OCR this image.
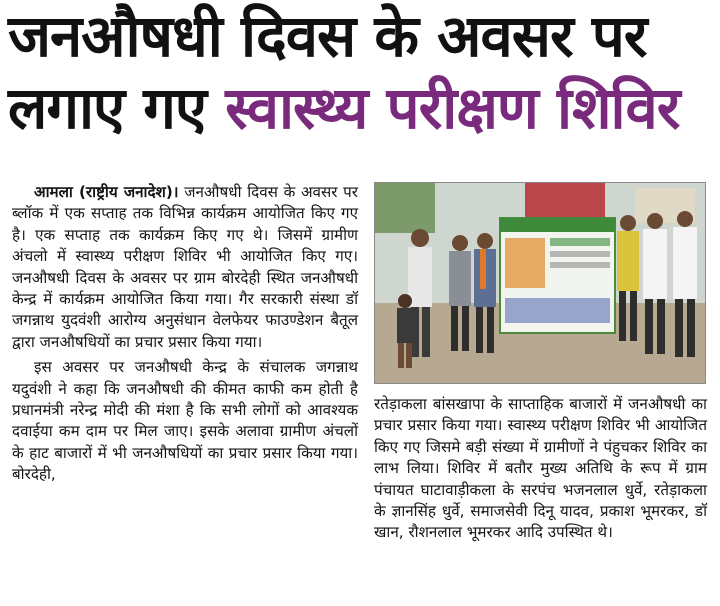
जनऔषधी दिवस के अवसर पर
लगाए गए स्वास्थ्य परीक्षण शिविर

आमला (राष्ट्रीय जनादेश)। जनऔषधी दिवस के अवसर पर ब्लॉक में एक सप्ताह तक विभिन्न कार्यक्रम आयोजित किए गए है। एक सप्ताह तक कार्यक्रम किए गए थे। जिसमें ग्रामीण अंचलो में स्वास्थ्य परीक्षण शिविर भी आयोजित किए गए। जनऔषधी दिवस के अवसर पर ग्राम बोरदेही स्थित जनऔषधी केन्द्र में कार्यक्रम आयोजित किया गया। गैर सरकारी संस्था डॉ जगन्नाथ युदवंशी आरोग्य अनुसंधान वेलफेयर फाउण्डेशन बैतूल द्वारा जनऔषधियों का प्रचार प्रसार किया गया।

इस अवसर पर जनऔषधी केन्द्र के संचालक जगन्नाथ यदुवंशी ने कहा कि जनऔषधी की कीमत काफी कम होती है प्रधानमंत्री नरेन्द्र मोदी की मंशा है कि सभी लोगों को आवश्यक दवाईया कम दाम पर मिल जाए। इसके अलावा ग्रामीण अंचलों के हाट बाजारों में भी जनऔषधियों का प्रचार प्रसार किया गया। बोरदेही,

रतेड़ाकला बांसखापा के साप्ताहिक बाजारों में जनऔषधी का प्रचार प्रसार किया गया। स्वास्थ्य परीक्षण शिविर भी आयोजित किए गए जिसमे बड़ी संख्या में ग्रामीणों ने पंहुचकर शिविर का लाभ लिया। शिविर में बतौर मुख्य अतिथि के रूप में ग्राम पंचायत घाटावाड़ीकला के सरपंच भजनलाल धुर्वे, रतेड़ाकला के ज्ञानसिंह धुर्वे, समाजसेवी दिनू यादव, प्रकाश भूमरकर, डॉ खान, रौशनलाल भूमरकर आदि उपस्थित थे।
